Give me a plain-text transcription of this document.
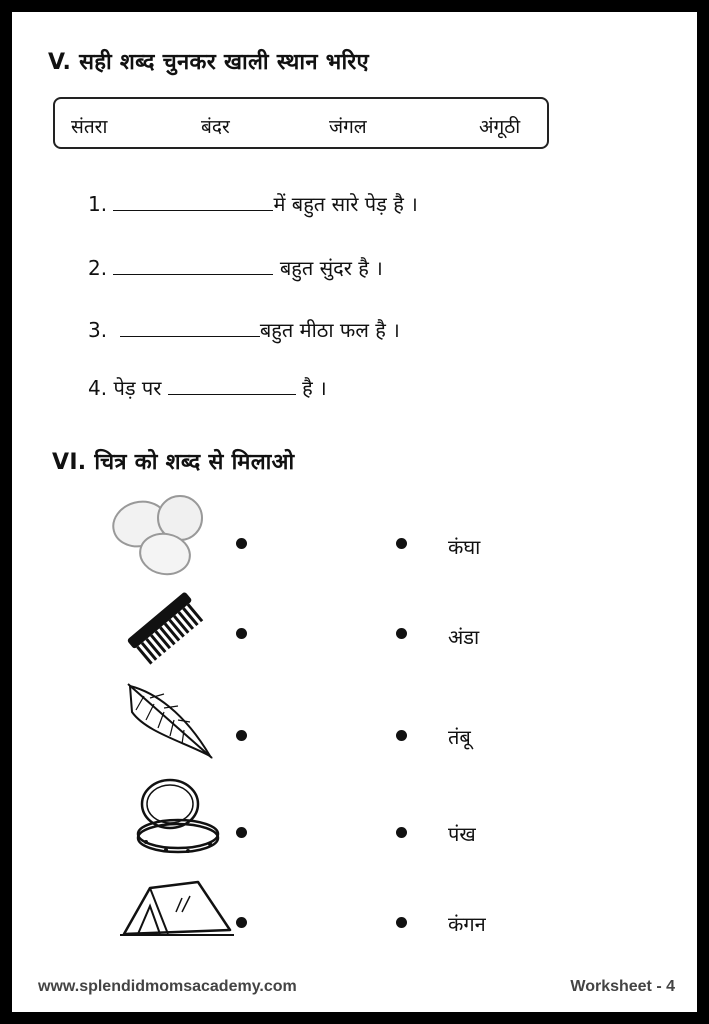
V. सही शब्द चुनकर खाली स्थान भरिए
संतरा	बंदर	जंगल	अंगूठी
1.	में बहुत सारे पेड़ है ।
2.	बहुत सुंदर है ।
3.	बहुत मीठा फल है ।
4. पेड़ पर	है ।
VI. चित्र को शब्द से मिलाओ
कंघा
अंडा
तंबू
पंख
कंगन
www.splendidmomsacademy.com	Worksheet - 4
